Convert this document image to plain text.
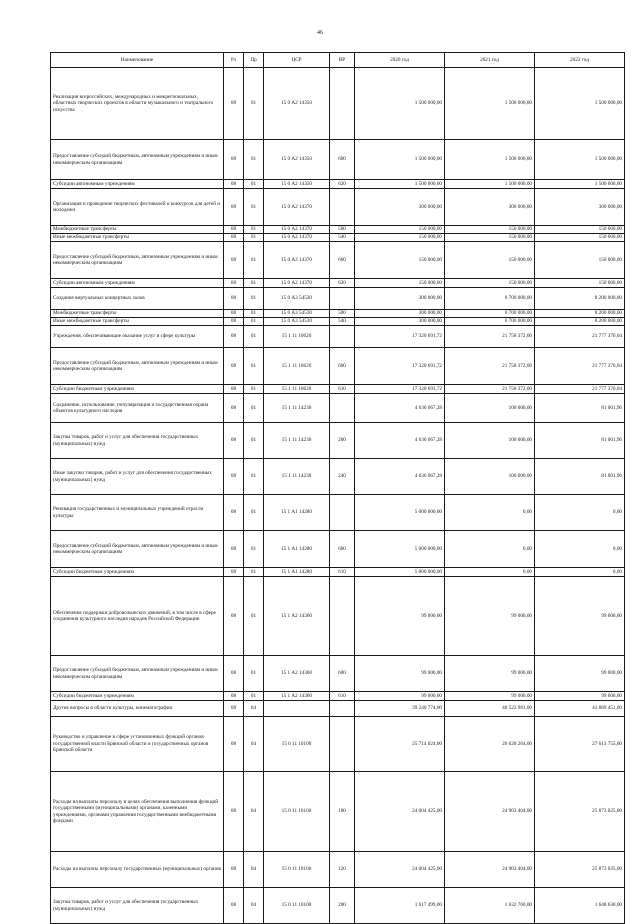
46
Наименование	Рз	Пр	ЦСР	ВР	2020 год	2021 год	2022 год
Реализация всероссийских, международных и межрегиональных, областных творческих проектов в области музыкального и театрального искусства	08	01	15 0 А2 14350		1 500 000,00	1 500 000,00	1 500 000,00
Предоставление субсидий бюджетным, автономным учреждениям и иным некоммерческим организациям	08	01	15 0 А2 14350	600	1 500 000,00	1 500 000,00	1 500 000,00
Субсидии автономным учреждениям	08	01	15 0 А2 14350	620	1 500 000,00	1 500 000,00	1 500 000,00
Организация и проведение творческих фестивалей и конкурсов для детей и молодежи	08	01	15 0 А2 14370		300 000,00	300 000,00	300 000,00
Межбюджетные трансферты	08	01	15 0 А2 14370	500	150 000,00	150 000,00	150 000,00
Иные межбюджетные трансферты	08	01	15 0 А2 14370	540	150 000,00	150 000,00	150 000,00
Предоставление субсидий бюджетным, автономным учреждениям и иным некоммерческим организациям	08	01	15 0 А2 14370	600	150 000,00	150 000,00	150 000,00
Субсидии автономным учреждениям	08	01	15 0 А2 14370	620	150 000,00	150 000,00	150 000,00
Создание виртуальных концертных залов	08	01	15 0 А3 54530		300 000,00	6 700 000,00	8 200 000,00
Межбюджетные трансферты	08	01	15 0 А3 54530	500	300 000,00	6 700 000,00	8 200 000,00
Иные межбюджетные трансферты	08	01	15 0 А3 54530	540	300 000,00	6 700 000,00	8 200 000,00
Учреждения, обеспечивающие оказание услуг в сфере культуры	08	01	15 1 11 10620		17 320 691,72	21 758 372,00	21 777 370,04
Предоставление субсидий бюджетным, автономным учреждениям и иным некоммерческим организациям	08	01	15 1 11 10620	600	17 320 691,72	21 758 372,00	21 777 370,04
Субсидии бюджетным учреждениям	08	01	15 1 11 10620	610	17 320 691,72	21 758 372,00	21 777 370,04
Сохранение, использование, популяризация и государственная охрана объектов культурного наследия	08	01	15 1 11 14230		4 636 067,28	100 000,00	81 001,96
Закупка товаров, работ и услуг для обеспечения государственных (муниципальных) нужд	08	01	15 1 11 14230	200	4 636 067,28	100 000,00	81 001,96
Иные закупки товаров, работ и услуг для обеспечения государственных (муниципальных) нужд	08	01	15 1 11 14230	240	4 636 067,28	100 000,00	81 001,96
Реновация государственных и муниципальных учреждений отрасли культуры	08	01	15 1 А1 14280		5 000 000,00	0,00	0,00
Предоставление субсидий бюджетным, автономным учреждениям и иным некоммерческим организациям	08	01	15 1 А1 14280	600	5 000 000,00	0,00	0,00
Субсидии бюджетным учреждениям	08	01	15 1 А1 14280	610	5 000 000,00	0,00	0,00
Обеспечение поддержки добровольческих движений, в том числе в сфере сохранения культурного наследия народов Российской Федерации	08	01	15 1 А2 14360		99 000,00	99 000,00	99 000,00
Предоставление субсидий бюджетным, автономным учреждениям и иным некоммерческим организациям	08	01	15 1 А2 14360	600	99 000,00	99 000,00	99 000,00
Субсидии бюджетным учреждениям	08	01	15 1 А2 14360	610	99 000,00	99 000,00	99 000,00
Другие вопросы в области культуры, кинематографии	08	04			39 240 774,00	40 523 981,00	41 889 451,00
Руководство и управление в сфере установленных функций органов государственной власти Брянской области и государственных органов Брянской области	08	04	15 0 11 10100		25 714 024,00	26 628 264,00	27 613 755,00
Расходы на выплаты персоналу в целях обеспечения выполнения функций государственными (муниципальными) органами, казенными учреждениями, органами управления государственными внебюджетными фондами	08	04	15 0 11 10100	100	24 004 425,00	24 903 404,00	25 873 025,00
Расходы на выплаты персоналу государственных (муниципальных) органов	08	04	15 0 11 10100	120	24 004 425,00	24 903 404,00	25 873 025,00
Закупка товаров, работ и услуг для обеспечения государственных (муниципальных) нужд	08	04	15 0 11 10100	200	1 617 499,00	1 632 760,00	1 648 630,00
